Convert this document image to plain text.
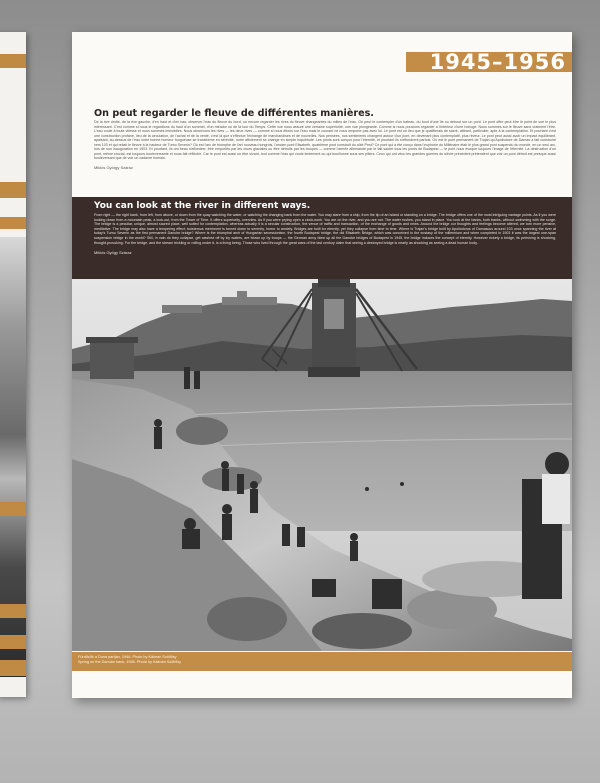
1945–1956

On peut regarder le fleuve de différentes manières.

De la rive droite, de la rive gauche, d'en haut et d'en bas, observer l'eau du fleuve du bord, ou encore regarder les rives du fleuve changeantes du milieu de l'eau. On peut le contempler d'un bateau, du bout d'une île ou debout sur un pont. Le pont offre peut être le point de vue le plus intéressant. C'est comme si nous le regardions du haut d'un sommet, d'un mirador ou de la tour du Temps. Cette vue nous assure une certaine supériorité, une vue plongeante. Comme si nous pouvions regarder à l'intérieur d'une horloge. Nous sommes sur le fleuve sans vraiment l'être. L'eau coule à toute vitesse et nous sommes immobiles. Nous observons les rives — les deux rives — comme si nous étions sur l'eau mais le courant ne nous emporte pas avec lui. Le pont est un lieu que je qualifierais de sacré, attirant, particulier, apte à la contemplation. Et pourtant c'est une construction profane, lieu de la circulation, de l'achat et de la vente, c'est là que s'effectue l'échange de marchandises et de nouvelles. Nos pensées, nos sentiments changent autour d'un pont, en devenant plus contemplatif, plus rêveur. Le pont peut aussi avoir un impact équilibrant, apaisant, au-dessus de l'eau notre bonne humeur fougueuse se transforme en sérénité, notre affolement se change en simple inquiétude. Les ponts sont conçus pour l'éternité, et pourtant ils s'effondrent parfois. Où est le pont permanent de Trajan qu'Apollodore de Damas a fait construire vers 103 et qui reliait le fleuve à la hauteur de Turnu Severin? Où est l'arc de triomphe de l'art nouveau hongrois, l'ancien pont Elisabeth, quatrième pont construit du côté Pest? Ce pont qui a été conçu dans l'euphorie du Millénaire était le plus grand pont suspendu du monde, en un seul arc, lors de son inauguration en 1903. Et pourtant, ils ont beau s'effondrer, être emportés par les crues glaciales ou être détruits par les troupes — comme l'armée allemande par le fait sauter tous les ponts de Budapest — le pont nous évoque toujours l'image de l'éternité. La destruction d'un pont, même crucial, est toujours bouleversante et nous fait réfléchir. Car le pont est aussi un être vivant, tout comme l'eau qui coule lentement ou qui bouillonne sous ses piliers. Ceux qui ont vécu les grandes guerres du siècle précédent prétendent que voir un pont détruit est presque aussi bouleversant que de voir un cadavre humain.

Miklós György Száraz

You can look at the river in different ways.

From right — the right bank, from left, from above, or down from the quay watching the water, or watching the changing bank from the water. You may stare from a ship, from the tip of an island or standing on a bridge. The bridge offers one of the most intriguing vantage points. As if you were looking down from a mountain peak, a look-out, from the Tower of Time. It offers superiority, overview. As if you were prying open a clock-work. You are on the river, and you are not. The water rushes, you stand in place. You look at the banks, both banks, without swimming with the surge. The bridge is a peculiar, unique, almost sacred place, well suited for contemplation, whereas actually it is a secular construction, the venue of traffic and transaction, of the exchange of goods and news. Around the bridge our thoughts and feelings become altered, we turn more pensive, meditative. The bridge may also have a tempering effect: boisterous merriment is turned down to serenity, horror to anxiety. Bridges are built for eternity, yet they collapse from time to time. Where is Trajan's bridge built by Apollodorus of Damascus around 103 once spanning the river at today's Turnu Severin as the first permanent Danube bridge? Where is the triumphal arch of Hungarian secessionism, the fourth Budapest bridge, the old Elisabeth Bridge, which was conceived in the ecstasy of the millennium and when completed in 1903 it was the largest one-span suspension bridge in the world? Still, in vain do they collapse, get washed off by icy waters, are blown up by troops — the German army blew up all the Danube bridges of Budapest in 1945, the bridge induces the concept of eternity. However rickety a bridge, its perishing is shocking, thought-provoking. For the bridge, and the stream trickling or rolling under it, is a living being. Those who lived through the great wars of the last century claim that seeing a destroyed bridge is nearly as shocking as seeing a dead human body.

Miklós Gyögy Száraz
Fürdőzők a Duna partján, 1946. Photo by Kálmán Szöllősy
Spring on the Danube bank, 1946. Photo by Kálmán Szöllősy
